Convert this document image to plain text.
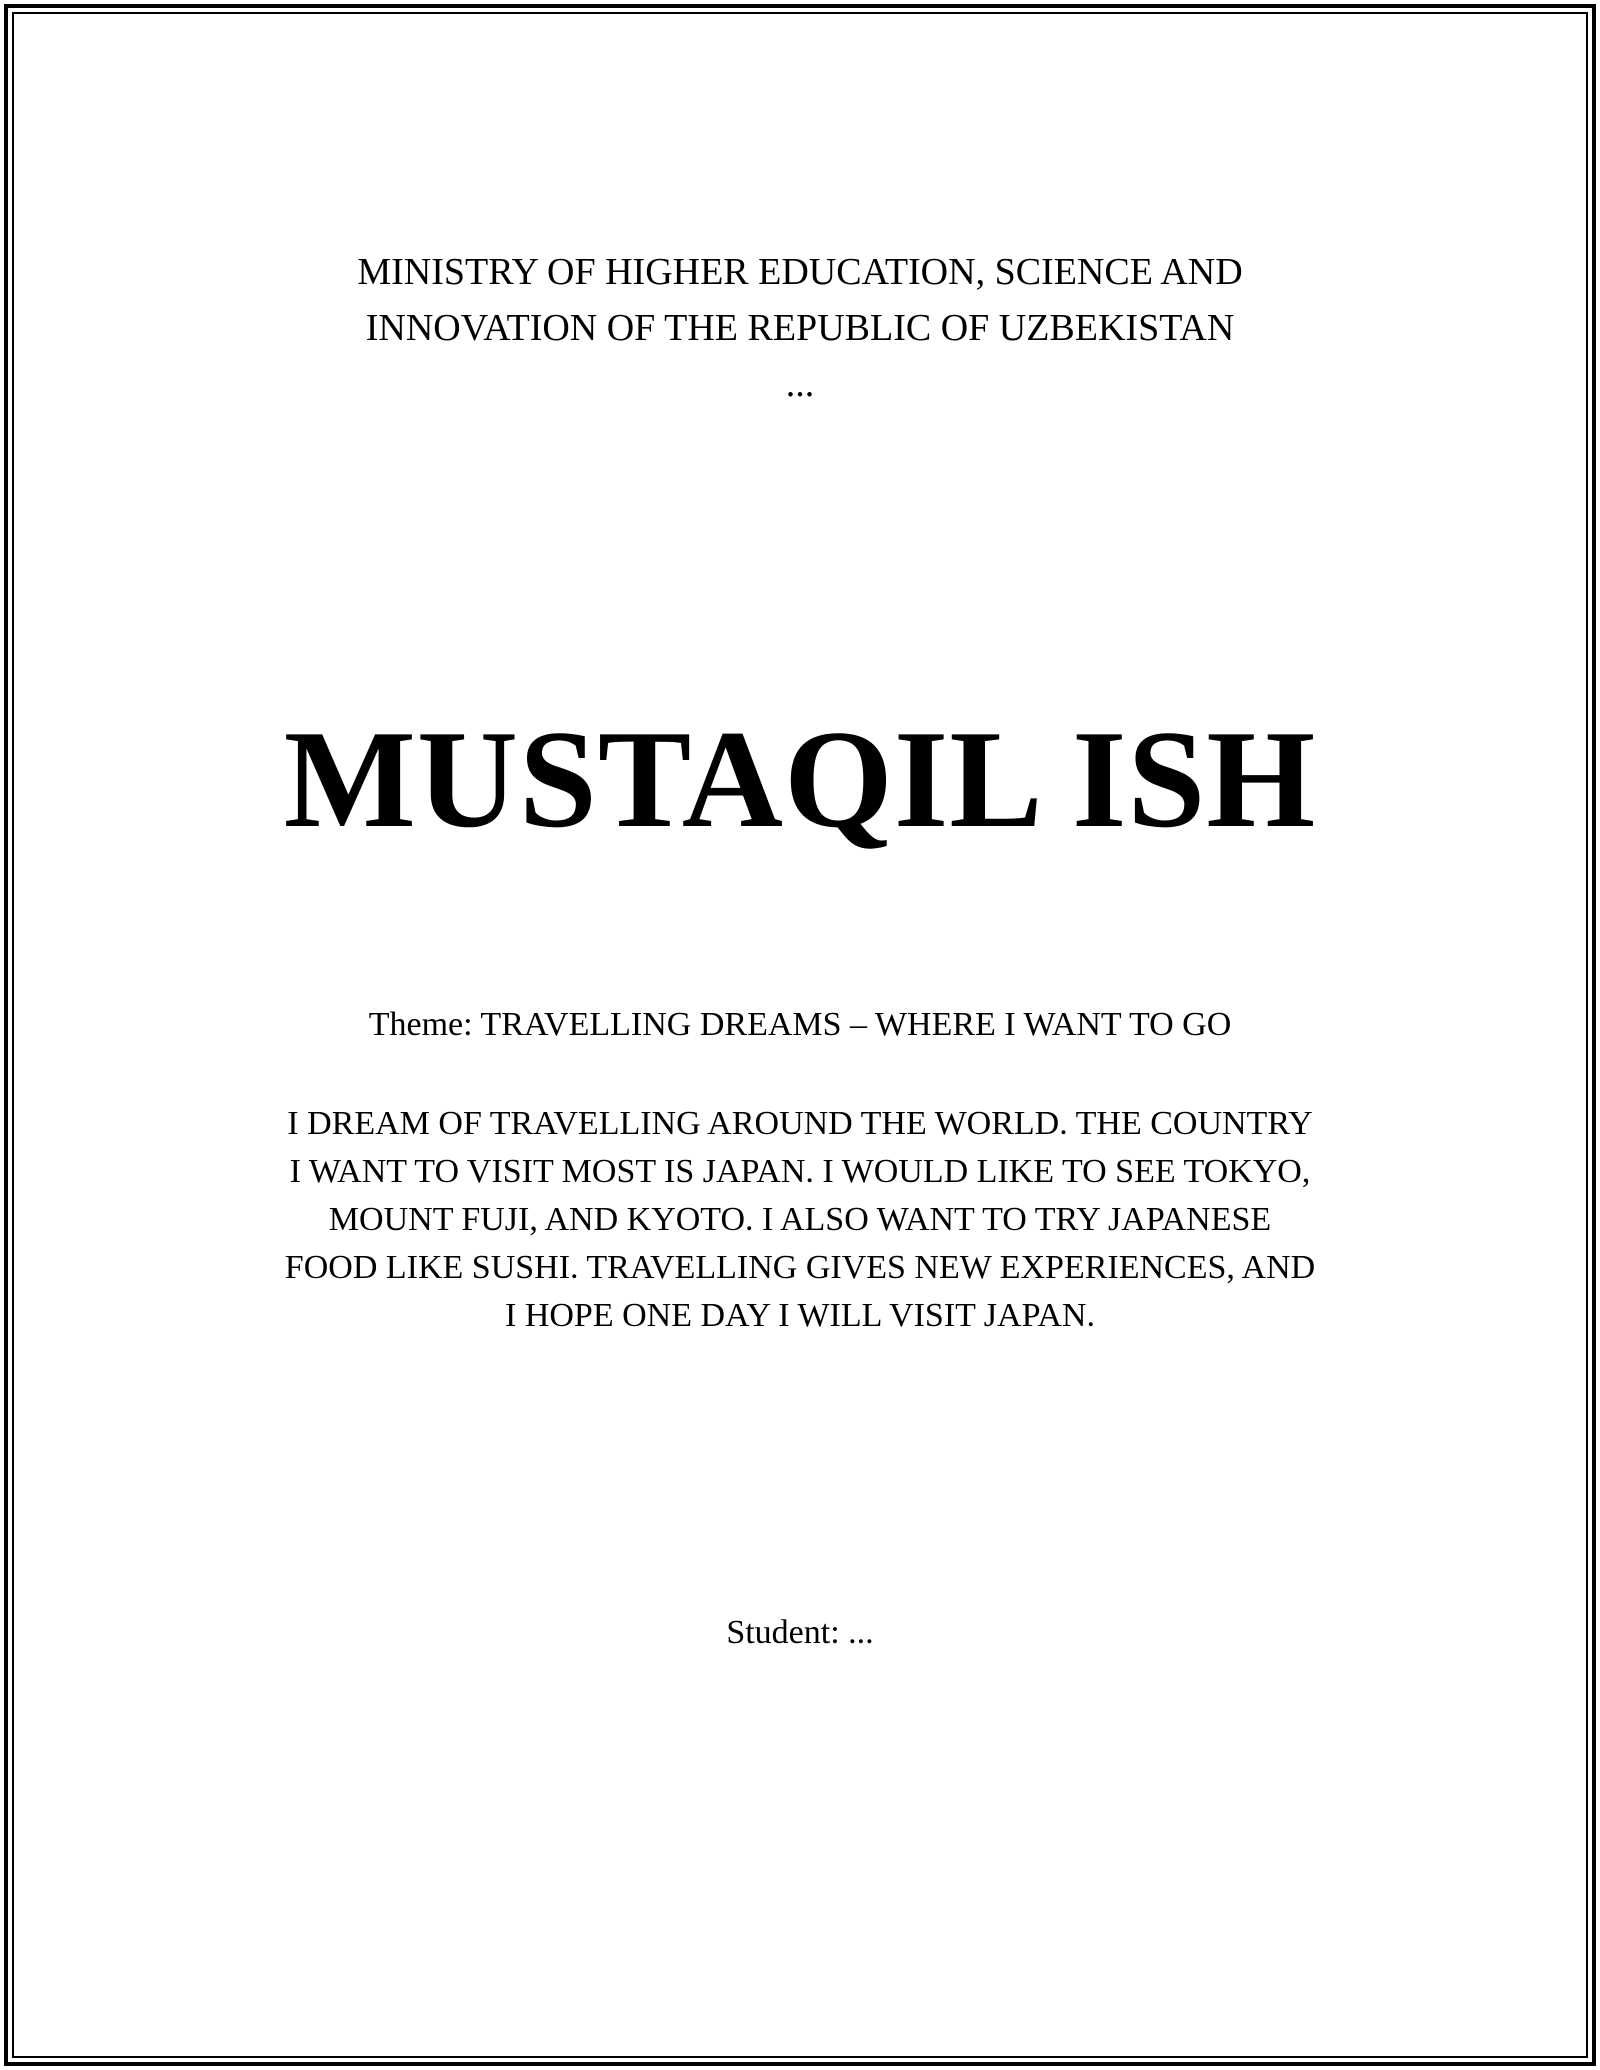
MINISTRY OF HIGHER EDUCATION, SCIENCE AND
INNOVATION OF THE REPUBLIC OF UZBEKISTAN
...
MUSTAQIL ISH
Theme: TRAVELLING DREAMS – WHERE I WANT TO GO
I DREAM OF TRAVELLING AROUND THE WORLD. THE COUNTRY
I WANT TO VISIT MOST IS JAPAN. I WOULD LIKE TO SEE TOKYO,
MOUNT FUJI, AND KYOTO. I ALSO WANT TO TRY JAPANESE
FOOD LIKE SUSHI. TRAVELLING GIVES NEW EXPERIENCES, AND
I HOPE ONE DAY I WILL VISIT JAPAN.
Student: ...
